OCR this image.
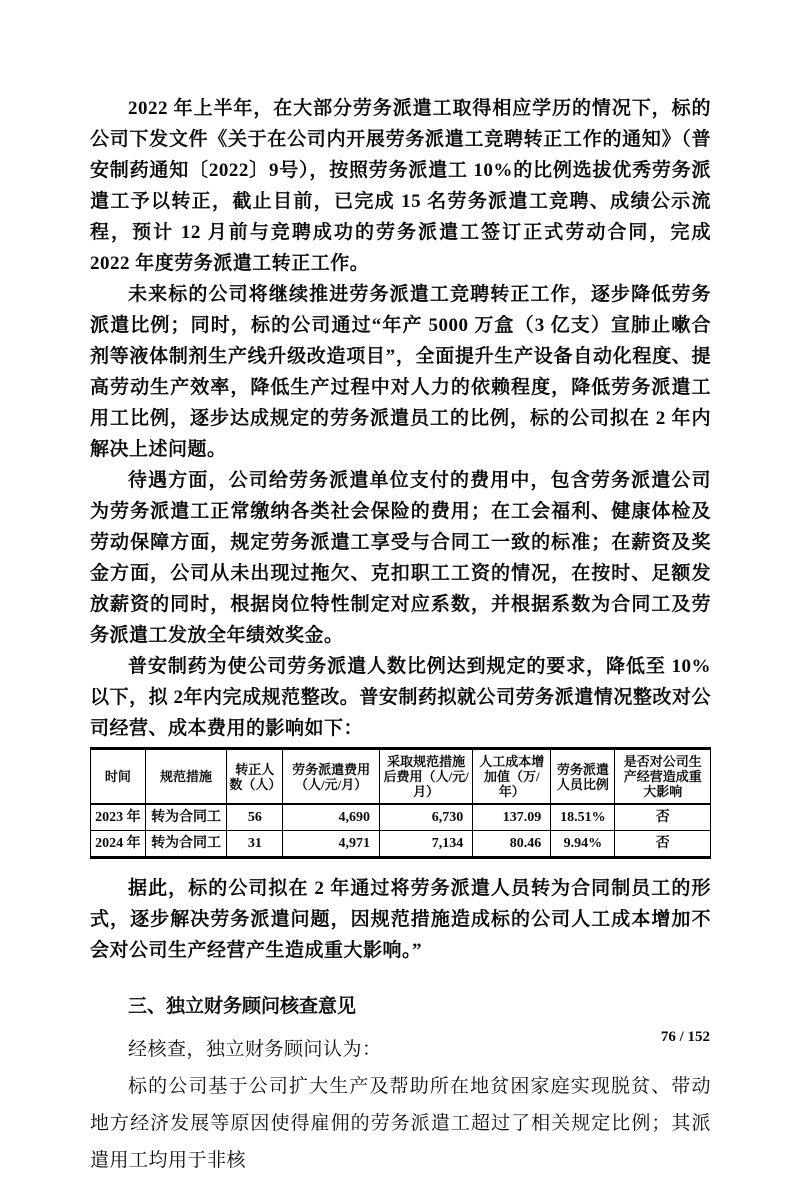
2022 年上半年，在大部分劳务派遣工取得相应学历的情况下，标的公司下发文件《关于在公司内开展劳务派遣工竞聘转正工作的通知》（普安制药通知〔2022〕9号），按照劳务派遣工 10%的比例选拔优秀劳务派遣工予以转正，截止目前，已完成 15 名劳务派遣工竞聘、成绩公示流程，预计 12 月前与竞聘成功的劳务派遣工签订正式劳动合同，完成 2022 年度劳务派遣工转正工作。

未来标的公司将继续推进劳务派遣工竞聘转正工作，逐步降低劳务派遣比例；同时，标的公司通过“年产 5000 万盒（3 亿支）宣肺止嗽合剂等液体制剂生产线升级改造项目”，全面提升生产设备自动化程度、提高劳动生产效率，降低生产过程中对人力的依赖程度，降低劳务派遣工用工比例，逐步达成规定的劳务派遣员工的比例，标的公司拟在 2 年内解决上述问题。

待遇方面，公司给劳务派遣单位支付的费用中，包含劳务派遣公司为劳务派遣工正常缴纳各类社会保险的费用；在工会福利、健康体检及劳动保障方面，规定劳务派遣工享受与合同工一致的标准；在薪资及奖金方面，公司从未出现过拖欠、克扣职工工资的情况，在按时、足额发放薪资的同时，根据岗位特性制定对应系数，并根据系数为合同工及劳务派遣工发放全年绩效奖金。

普安制药为使公司劳务派遣人数比例达到规定的要求，降低至 10%以下，拟 2年内完成规范整改。普安制药拟就公司劳务派遣情况整改对公司经营、成本费用的影响如下：

时间	规范措施	转正人数（人）	劳务派遣费用（人/元/月）	采取规范措施后费用（人/元/月）	人工成本增加值（万/年）	劳务派遣人员比例	是否对公司生产经营造成重大影响
2023 年	转为合同工	56	4,690	6,730	137.09	18.51%	否
2024 年	转为合同工	31	4,971	7,134	80.46	9.94%	否

据此，标的公司拟在 2 年通过将劳务派遣人员转为合同制员工的形式，逐步解决劳务派遣问题，因规范措施造成标的公司人工成本增加不会对公司生产经营产生造成重大影响。”

三、独立财务顾问核查意见

经核查，独立财务顾问认为：

标的公司基于公司扩大生产及帮助所在地贫困家庭实现脱贫、带动地方经济发展等原因使得雇佣的劳务派遣工超过了相关规定比例；其派遣用工均用于非核

76 / 152
